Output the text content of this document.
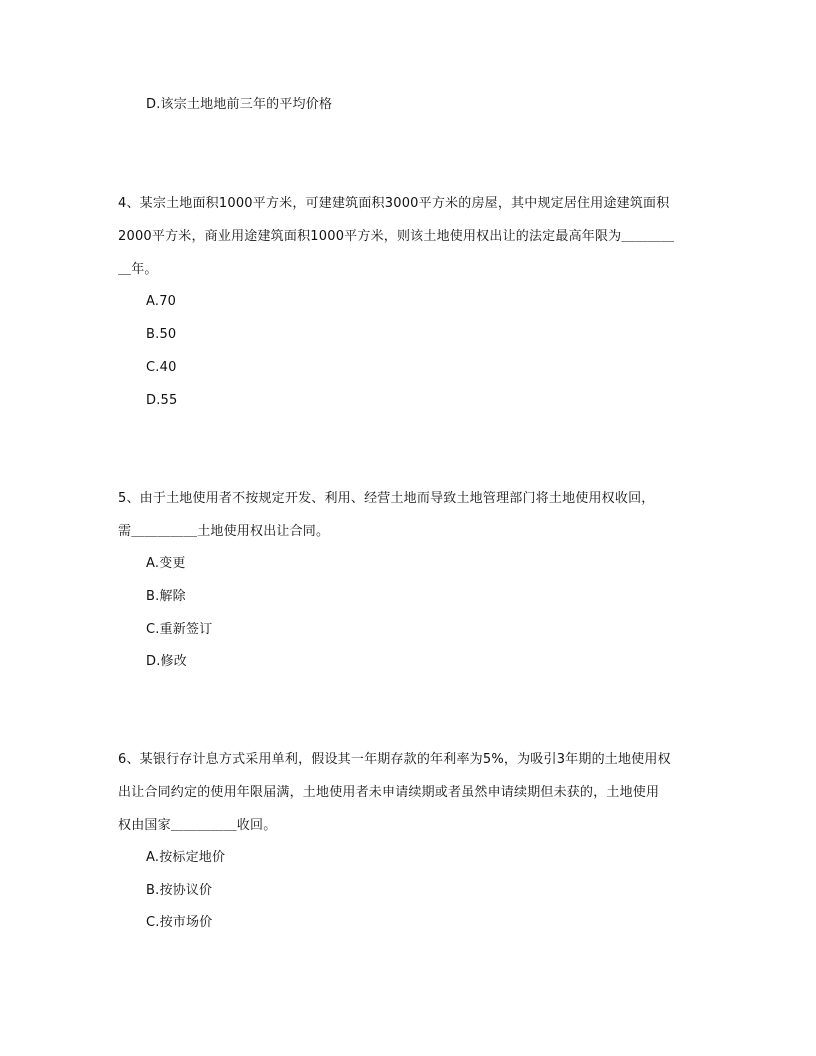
D.该宗土地地前三年的平均价格
4、某宗土地面积1000平方米，可建建筑面积3000平方米的房屋，其中规定居住用途建筑面积
2000平方米，商业用途建筑面积1000平方米，则该土地使用权出让的法定最高年限为＿＿＿＿
＿年。
A.70
B.50
C.40
D.55
5、由于土地使用者不按规定开发、利用、经营土地而导致土地管理部门将土地使用权收回，
需＿＿＿＿＿土地使用权出让合同。
A.变更
B.解除
C.重新签订
D.修改
6、某银行存计息方式采用单利，假设其一年期存款的年利率为5%，为吸引3年期的土地使用权
出让合同约定的使用年限届满，土地使用者未申请续期或者虽然申请续期但未获的，土地使用
权由国家＿＿＿＿＿收回。
A.按标定地价
B.按协议价
C.按市场价
